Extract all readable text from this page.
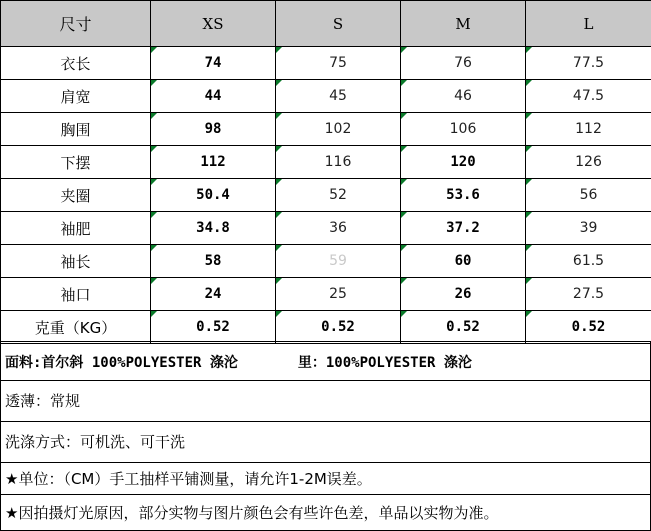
尺寸	XS	S	M	L
衣长	74	75	76	77.5
肩宽	44	45	46	47.5
胸围	98	102	106	112
下摆	112	116	120	126
夹圈	50.4	52	53.6	56
袖肥	34.8	36	37.2	39
袖长	58	59	60	61.5
袖口	24	25	26	27.5
克重（KG）	0.52	0.52	0.52	0.52
面料:首尔斜 100%POLYESTER 涤沦	里：100%POLYESTER 涤沦
透薄：常规
洗涤方式：可机洗、可干洗
★单位：（CM）手工抽样平铺测量，请允许1-2M误差。
★因拍摄灯光原因，部分实物与图片颜色会有些许色差，单品以实物为准。
